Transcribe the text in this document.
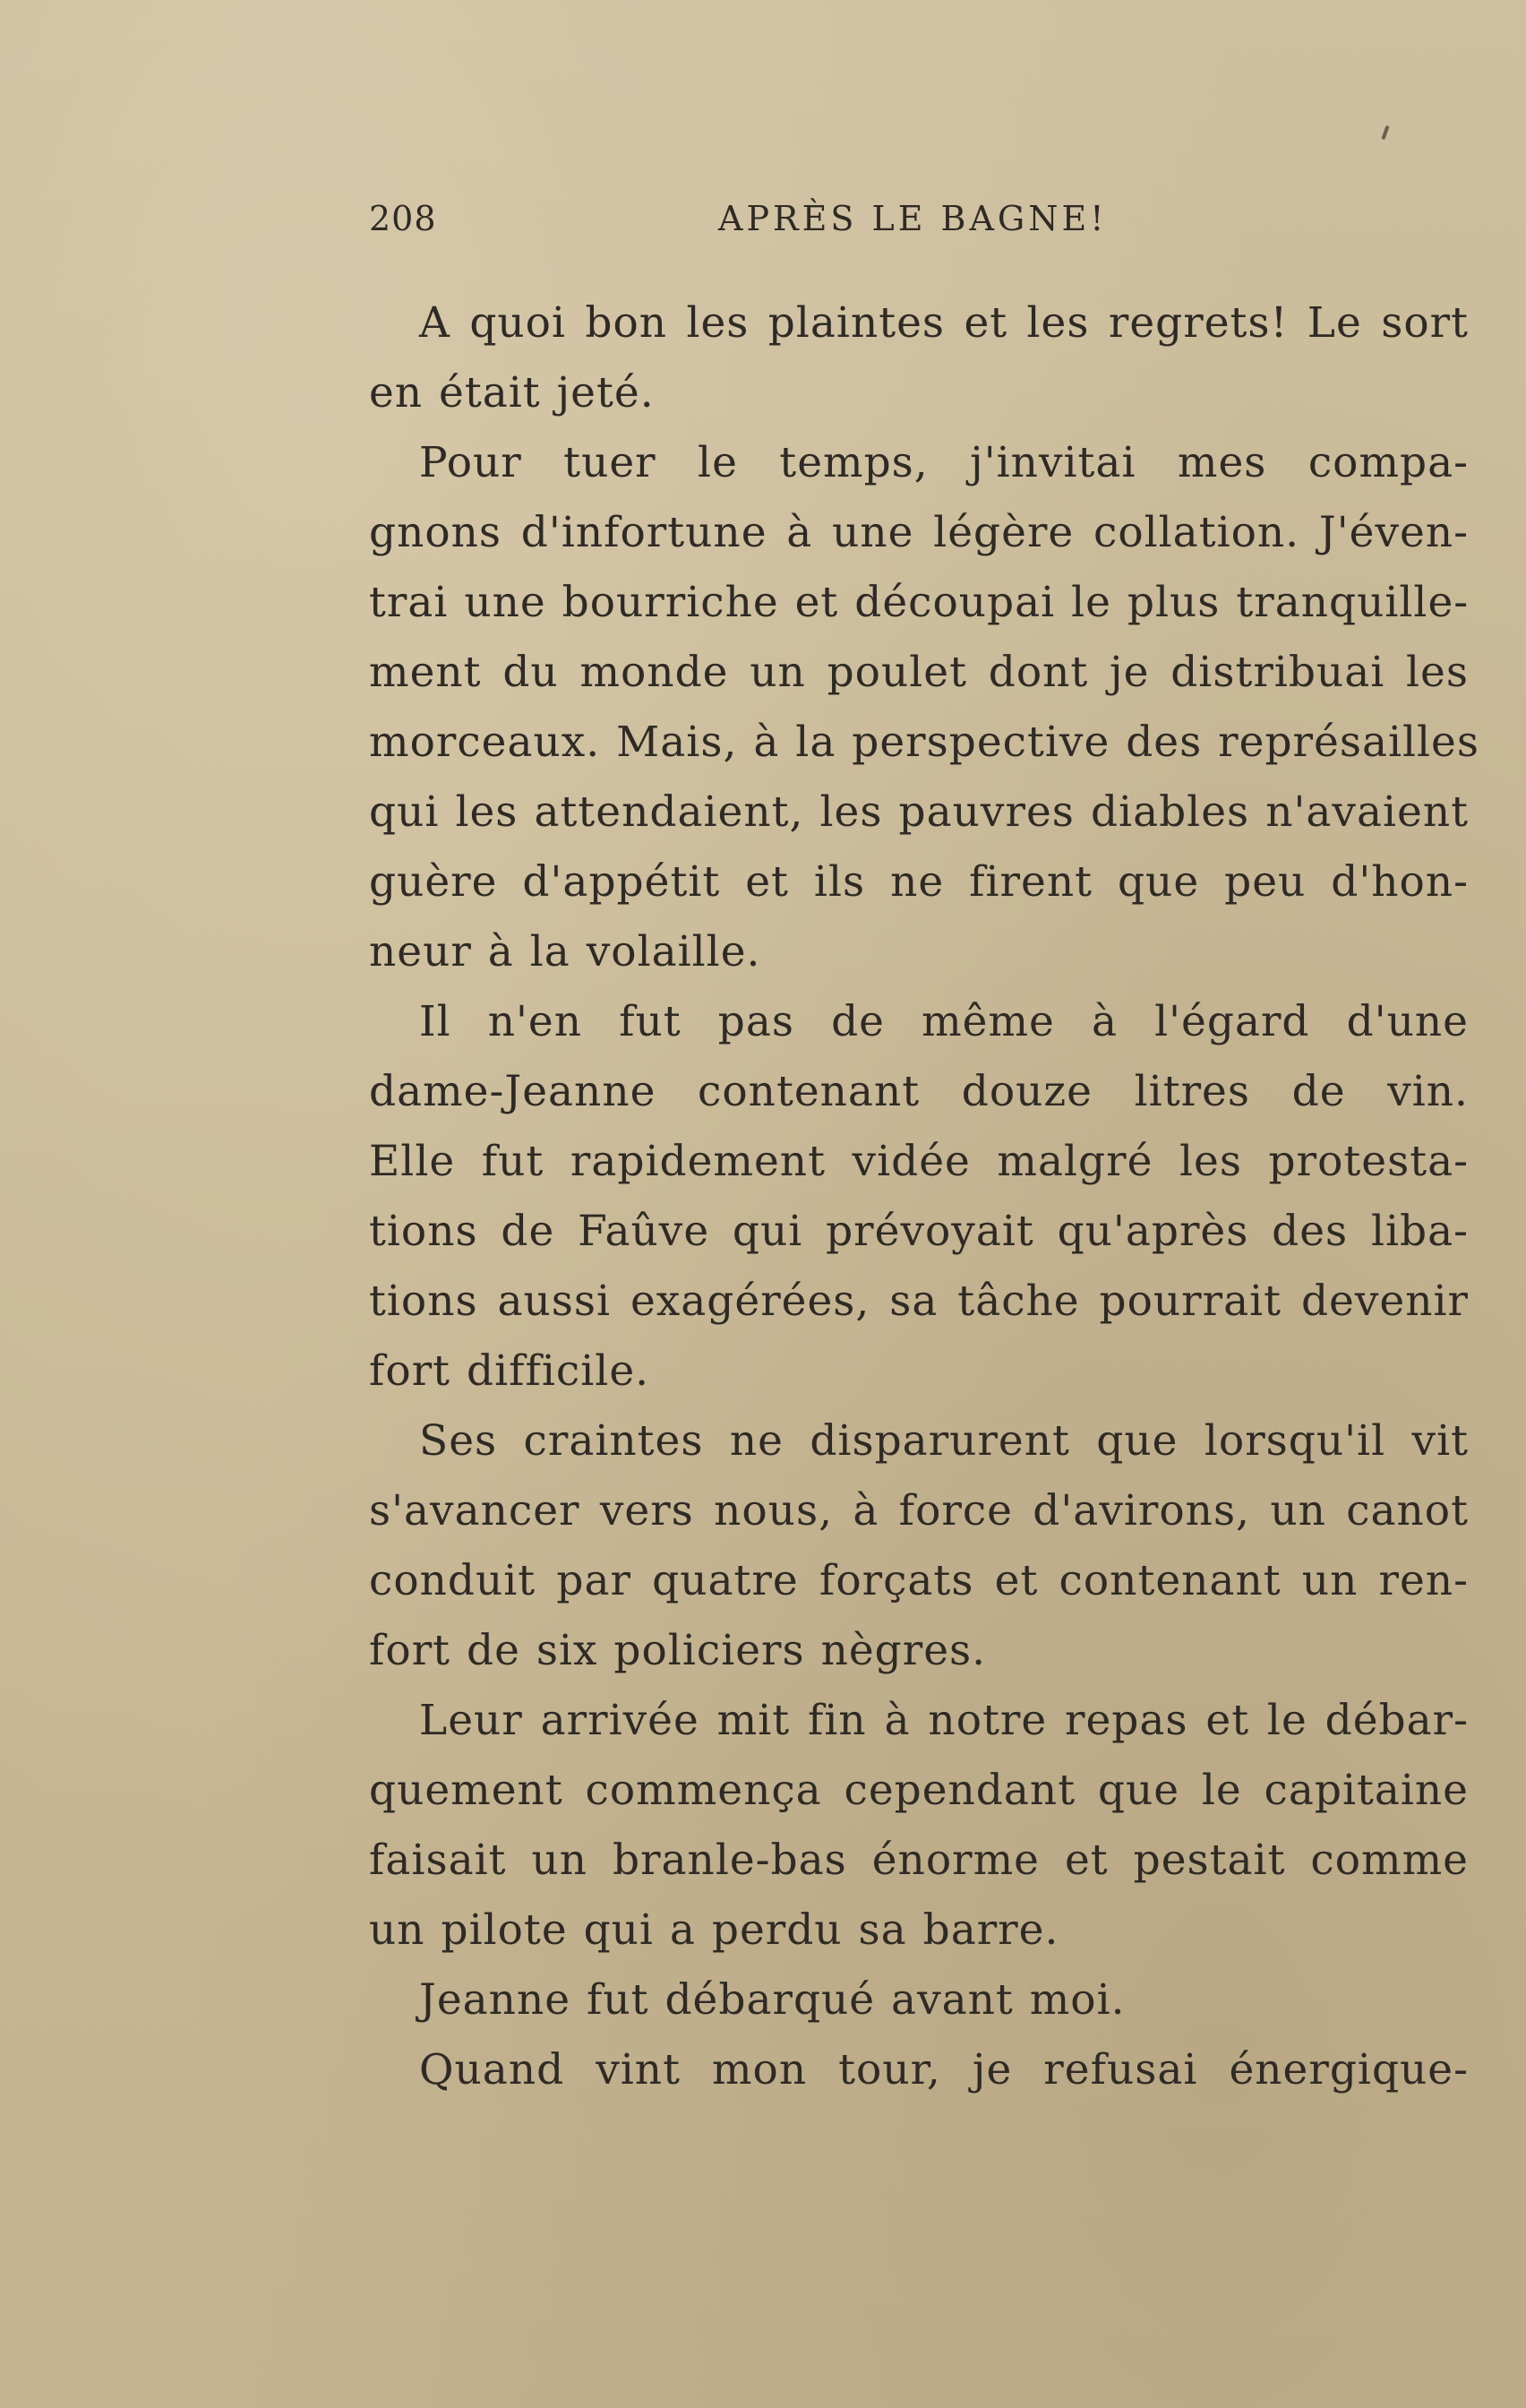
208	APRÈS LE BAGNE!
A quoi bon les plaintes et les regrets! Le sort
en était jeté.
Pour tuer le temps, j'invitai mes compa-
gnons d'infortune à une légère collation. J'éven-
trai une bourriche et découpai le plus tranquille-
ment du monde un poulet dont je distribuai les
morceaux. Mais, à la perspective des représailles
qui les attendaient, les pauvres diables n'avaient
guère d'appétit et ils ne firent que peu d'hon-
neur à la volaille.
Il n'en fut pas de même à l'égard d'une
dame-Jeanne contenant douze litres de vin.
Elle fut rapidement vidée malgré les protesta-
tions de Faûve qui prévoyait qu'après des liba-
tions aussi exagérées, sa tâche pourrait devenir
fort difficile.
Ses craintes ne disparurent que lorsqu'il vit
s'avancer vers nous, à force d'avirons, un canot
conduit par quatre forçats et contenant un ren-
fort de six policiers nègres.
Leur arrivée mit fin à notre repas et le débar-
quement commença cependant que le capitaine
faisait un branle-bas énorme et pestait comme
un pilote qui a perdu sa barre.
Jeanne fut débarqué avant moi.
Quand vint mon tour, je refusai énergique-
